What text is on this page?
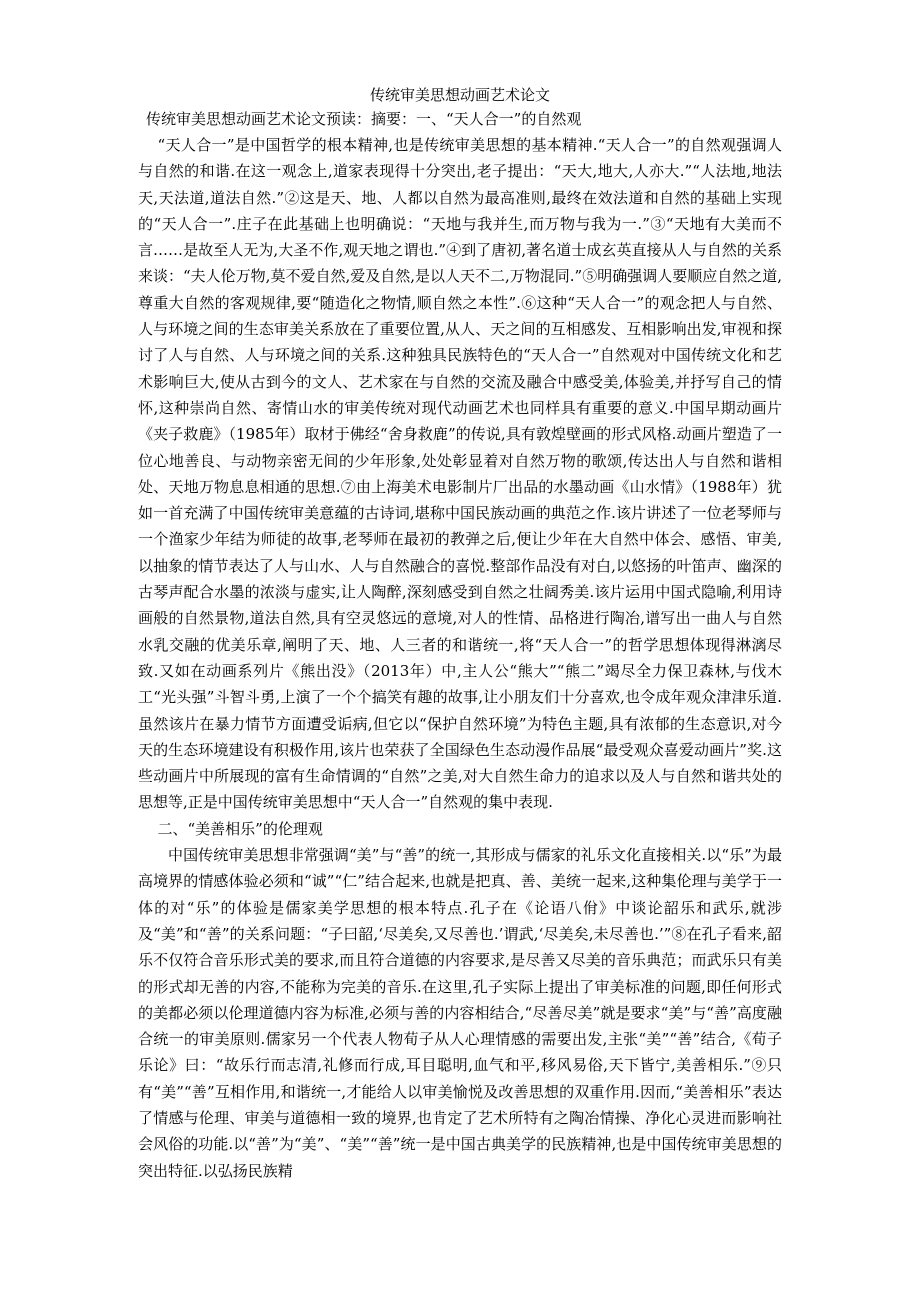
传统审美思想动画艺术论文

传统审美思想动画艺术论文预读：摘要：一、“天人合一”的自然观

“天人合一”是中国哲学的根本精神,也是传统审美思想的基本精神.“天人合一”的自然观强调人与自然的和谐.在这一观念上,道家表现得十分突出,老子提出：“天大,地大,人亦大.”“人法地,地法天,天法道,道法自然.”②这是天、地、人都以自然为最高准则,最终在效法道和自然的基础上实现的“天人合一”.庄子在此基础上也明确说：“天地与我并生,而万物与我为一.”③“天地有大美而不言……是故至人无为,大圣不作,观天地之谓也.”④到了唐初,著名道士成玄英直接从人与自然的关系来谈：“夫人伦万物,莫不爱自然,爱及自然,是以人天不二,万物混同.”⑤明确强调人要顺应自然之道,尊重大自然的客观规律,要“随造化之物情,顺自然之本性”.⑥这种“天人合一”的观念把人与自然、人与环境之间的生态审美关系放在了重要位置,从人、天之间的互相感发、互相影响出发,审视和探讨了人与自然、人与环境之间的关系.这种独具民族特色的“天人合一”自然观对中国传统文化和艺术影响巨大,使从古到今的文人、艺术家在与自然的交流及融合中感受美,体验美,并抒写自己的情怀,这种崇尚自然、寄情山水的审美传统对现代动画艺术也同样具有重要的意义.中国早期动画片《夹子救鹿》（1985年）取材于佛经“舍身救鹿”的传说,具有敦煌壁画的形式风格.动画片塑造了一位心地善良、与动物亲密无间的少年形象,处处彰显着对自然万物的歌颂,传达出人与自然和谐相处、天地万物息息相通的思想.⑦由上海美术电影制片厂出品的水墨动画《山水情》（1988年）犹如一首充满了中国传统审美意蕴的古诗词,堪称中国民族动画的典范之作.该片讲述了一位老琴师与一个渔家少年结为师徒的故事,老琴师在最初的教弹之后,便让少年在大自然中体会、感悟、审美,以抽象的情节表达了人与山水、人与自然融合的喜悦.整部作品没有对白,以悠扬的叶笛声、幽深的古琴声配合水墨的浓淡与虚实,让人陶醉,深刻感受到自然之壮阔秀美.该片运用中国式隐喻,利用诗画般的自然景物,道法自然,具有空灵悠远的意境,对人的性情、品格进行陶冶,谱写出一曲人与自然水乳交融的优美乐章,阐明了天、地、人三者的和谐统一,将“天人合一”的哲学思想体现得淋漓尽致.又如在动画系列片《熊出没》（2013年）中,主人公“熊大”“熊二”竭尽全力保卫森林,与伐木工“光头强”斗智斗勇,上演了一个个搞笑有趣的故事,让小朋友们十分喜欢,也令成年观众津津乐道.虽然该片在暴力情节方面遭受诟病,但它以“保护自然环境”为特色主题,具有浓郁的生态意识,对今天的生态环境建设有积极作用,该片也荣获了全国绿色生态动漫作品展“最受观众喜爱动画片”奖.这些动画片中所展现的富有生命情调的“自然”之美,对大自然生命力的追求以及人与自然和谐共处的思想等,正是中国传统审美思想中“天人合一”自然观的集中表现.

二、“美善相乐”的伦理观

中国传统审美思想非常强调“美”与“善”的统一,其形成与儒家的礼乐文化直接相关.以“乐”为最高境界的情感体验必须和“诚”“仁”结合起来,也就是把真、善、美统一起来,这种集伦理与美学于一体的对“乐”的体验是儒家美学思想的根本特点.孔子在《论语八佾》中谈论韶乐和武乐,就涉及“美”和“善”的关系问题：“子曰韶,‘尽美矣,又尽善也.’谓武,‘尽美矣,未尽善也.’”⑧在孔子看来,韶乐不仅符合音乐形式美的要求,而且符合道德的内容要求,是尽善又尽美的音乐典范；而武乐只有美的形式却无善的内容,不能称为完美的音乐.在这里,孔子实际上提出了审美标准的问题,即任何形式的美都必须以伦理道德内容为标准,必须与善的内容相结合,“尽善尽美”就是要求“美”与“善”高度融合统一的审美原则.儒家另一个代表人物荀子从人心理情感的需要出发,主张“美”“善”结合,《荀子乐论》曰：“故乐行而志清,礼修而行成,耳目聪明,血气和平,移风易俗,天下皆宁,美善相乐.”⑨只有“美”“善”互相作用,和谐统一,才能给人以审美愉悦及改善思想的双重作用.因而,“美善相乐”表达了情感与伦理、审美与道德相一致的境界,也肯定了艺术所特有之陶冶情操、净化心灵进而影响社会风俗的功能.以“善”为“美”、“美”“善”统一是中国古典美学的民族精神,也是中国传统审美思想的突出特征.以弘扬民族精
